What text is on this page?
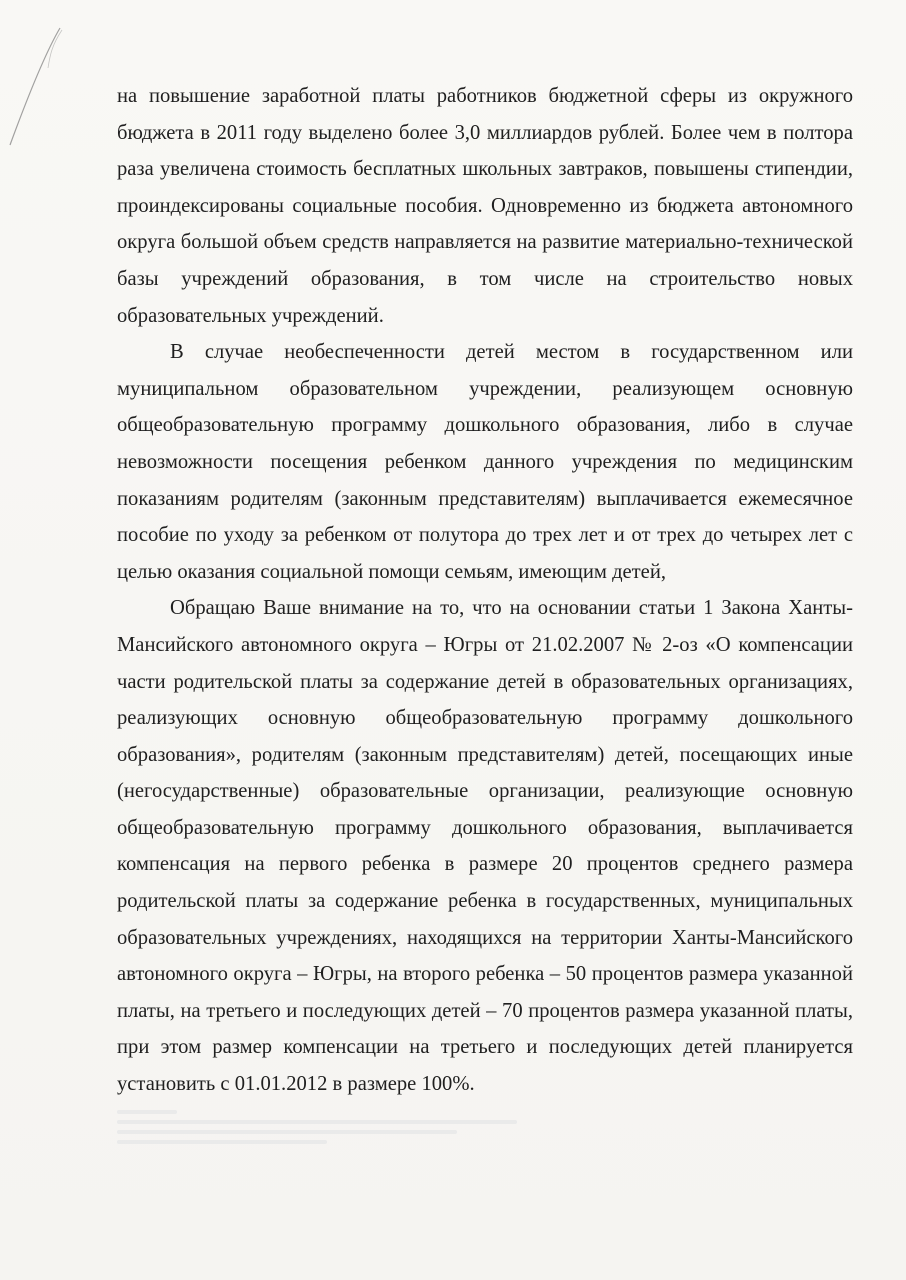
на повышение заработной платы работников бюджетной сферы из окружного бюджета в 2011 году выделено более 3,0 миллиардов рублей. Более чем в полтора раза увеличена стоимость бесплатных школьных завтраков, повышены стипендии, проиндексированы социальные пособия. Одновременно из бюджета автономного округа большой объем средств направляется на развитие материально-технической базы учреждений образования, в том числе на строительство новых образовательных учреждений.

В случае необеспеченности детей местом в государственном или муниципальном образовательном учреждении, реализующем основную общеобразовательную программу дошкольного образования, либо в случае невозможности посещения ребенком данного учреждения по медицинским показаниям родителям (законным представителям) выплачивается ежемесячное пособие по уходу за ребенком от полутора до трех лет и от трех до четырех лет с целью оказания социальной помощи семьям, имеющим детей,

Обращаю Ваше внимание на то, что на основании статьи 1 Закона Ханты-Мансийского автономного округа – Югры от 21.02.2007 № 2-оз «О компенсации части родительской платы за содержание детей в образовательных организациях, реализующих основную общеобразовательную программу дошкольного образования», родителям (законным представителям) детей, посещающих иные (негосударственные) образовательные организации, реализующие основную общеобразовательную программу дошкольного образования, выплачивается компенсация на первого ребенка в размере 20 процентов среднего размера родительской платы за содержание ребенка в государственных, муниципальных образовательных учреждениях, находящихся на территории Ханты-Мансийского автономного округа – Югры, на второго ребенка – 50 процентов размера указанной платы, на третьего и последующих детей – 70 процентов размера указанной платы, при этом размер компенсации на третьего и последующих детей планируется установить с 01.01.2012 в размере 100%.
